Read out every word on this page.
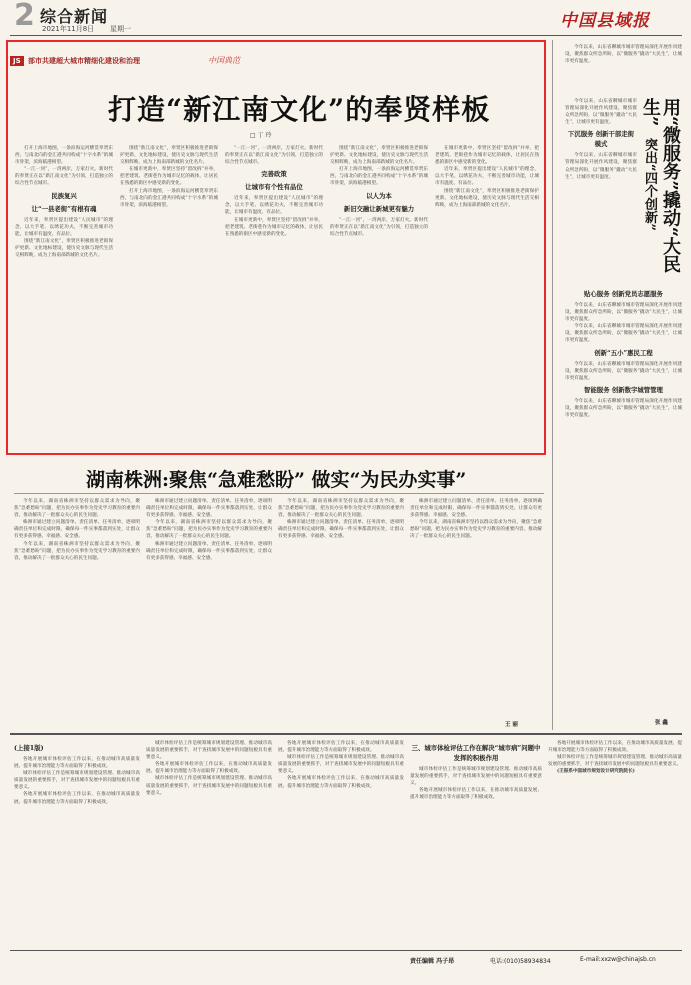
2 综合新闻
2021年11月8日 星期一	中国县域报
JS	部市共建超大城市精细化建设和治理	中国典范
打造“新江南文化”的奉贤样板
□ 丁 玲

打开上海市地图，一条滨海运河横贯奉贤东西，与南北向的金汇港共同构成“十字水系”的城市骨架，滨海临港相望。

“一江一河”，一湾两岸，万家灯火。新时代的奉贤正在以“新江南文化”为引领，打造独立的综合性节点城市。

民族复兴
让“一县老街”有根有魂

近年来，奉贤区提出建设“人民城市”的理念，以大手笔、以绣花功夫，不断完善城市功能，让城市有温度、有品位。

围绕“新江南文化”，奉贤区积极推进老街保护更新、文化地标建设，使历史文脉与现代生活交相辉映，成为上海南部新城的文化名片。

围绕“新江南文化”，奉贤区积极推进老街保护更新、文化地标建设，使历史文脉与现代生活交相辉映，成为上海南部新城的文化名片。

在城市更新中，奉贤区坚持“留改拆”并举，把老建筑、老街巷作为城市记忆的载体，让居民在熟悉的街区中感受新的变化。

打开上海市地图，一条滨海运河横贯奉贤东西，与南北向的金汇港共同构成“十字水系”的城市骨架，滨海临港相望。

“一江一河”，一湾两岸，万家灯火。新时代的奉贤正在以“新江南文化”为引领，打造独立的综合性节点城市。

完善政策
让城市有个性有品位

近年来，奉贤区提出建设“人民城市”的理念，以大手笔、以绣花功夫，不断完善城市功能，让城市有温度、有品位。

在城市更新中，奉贤区坚持“留改拆”并举，把老建筑、老街巷作为城市记忆的载体，让居民在熟悉的街区中感受新的变化。

围绕“新江南文化”，奉贤区积极推进老街保护更新、文化地标建设，使历史文脉与现代生活交相辉映，成为上海南部新城的文化名片。

打开上海市地图，一条滨海运河横贯奉贤东西，与南北向的金汇港共同构成“十字水系”的城市骨架，滨海临港相望。

以人为本
新旧交融让新城更有魅力

“一江一河”，一湾两岸，万家灯火。新时代的奉贤正在以“新江南文化”为引领，打造独立的综合性节点城市。

在城市更新中，奉贤区坚持“留改拆”并举，把老建筑、老街巷作为城市记忆的载体，让居民在熟悉的街区中感受新的变化。

近年来，奉贤区提出建设“人民城市”的理念，以大手笔、以绣花功夫，不断完善城市功能，让城市有温度、有品位。

围绕“新江南文化”，奉贤区积极推进老街保护更新、文化地标建设，使历史文脉与现代生活交相辉映，成为上海南部新城的文化名片。

湖南株洲:聚焦“急难愁盼” 做实“为民办实事”

今年以来，湖南省株洲市坚持以群众需求为导向，聚焦“急难愁盼”问题，把为民办实事作为党史学习教育的重要内容，推动解决了一批群众关心的民生问题。

株洲市通过建立问题清单、责任清单、任务清单，逐项明确责任单位和完成时限，确保每一件实事都落到实处，让群众有更多获得感、幸福感、安全感。

今年以来，湖南省株洲市坚持以群众需求为导向，聚焦“急难愁盼”问题，把为民办实事作为党史学习教育的重要内容，推动解决了一批群众关心的民生问题。

株洲市通过建立问题清单、责任清单、任务清单，逐项明确责任单位和完成时限，确保每一件实事都落到实处，让群众有更多获得感、幸福感、安全感。

今年以来，湖南省株洲市坚持以群众需求为导向，聚焦“急难愁盼”问题，把为民办实事作为党史学习教育的重要内容，推动解决了一批群众关心的民生问题。

株洲市通过建立问题清单、责任清单、任务清单，逐项明确责任单位和完成时限，确保每一件实事都落到实处，让群众有更多获得感、幸福感、安全感。

今年以来，湖南省株洲市坚持以群众需求为导向，聚焦“急难愁盼”问题，把为民办实事作为党史学习教育的重要内容，推动解决了一批群众关心的民生问题。

株洲市通过建立问题清单、责任清单、任务清单，逐项明确责任单位和完成时限，确保每一件实事都落到实处，让群众有更多获得感、幸福感、安全感。

株洲市通过建立问题清单、责任清单、任务清单，逐项明确责任单位和完成时限，确保每一件实事都落到实处，让群众有更多获得感、幸福感、安全感。

今年以来，湖南省株洲市坚持以群众需求为导向，聚焦“急难愁盼”问题，把为民办实事作为党史学习教育的重要内容，推动解决了一批群众关心的民生问题。

王 丽

今年以来，山东省聊城市城市管理局深化开展作风建设，聚焦群众所急所盼，以“微服务”撬动“大民生”，让城市更有温度。

用“微服务”撬动“大民生”
突出“四个创新”

今年以来，山东省聊城市城市管理局深化开展作风建设，聚焦群众所急所盼，以“微服务”撬动“大民生”，让城市更有温度。

下沉服务 创新干部走街模式

今年以来，山东省聊城市城市管理局深化开展作风建设，聚焦群众所急所盼，以“微服务”撬动“大民生”，让城市更有温度。

贴心服务 创新党员志愿服务

今年以来，山东省聊城市城市管理局深化开展作风建设，聚焦群众所急所盼，以“微服务”撬动“大民生”，让城市更有温度。

今年以来，山东省聊城市城市管理局深化开展作风建设，聚焦群众所急所盼，以“微服务”撬动“大民生”，让城市更有温度。

创新“五小”惠民工程

今年以来，山东省聊城市城市管理局深化开展作风建设，聚焦群众所急所盼，以“微服务”撬动“大民生”，让城市更有温度。

智能服务 创新数字城管管理

今年以来，山东省聊城市城市管理局深化开展作风建设，聚焦群众所急所盼，以“微服务”撬动“大民生”，让城市更有温度。

张 鑫
(上接1版)

各地开展城市体检评估工作以来，在推动城市高质量发展、提升城市治理能力等方面取得了积极成效。

城市体检评估工作是统筹城市规划建设管理、推动城市高质量发展的重要抓手，对于查找城市发展中的问题短板具有重要意义。

各地开展城市体检评估工作以来，在推动城市高质量发展、提升城市治理能力等方面取得了积极成效。

城市体检评估工作是统筹城市规划建设管理、推动城市高质量发展的重要抓手，对于查找城市发展中的问题短板具有重要意义。

各地开展城市体检评估工作以来，在推动城市高质量发展、提升城市治理能力等方面取得了积极成效。

城市体检评估工作是统筹城市规划建设管理、推动城市高质量发展的重要抓手，对于查找城市发展中的问题短板具有重要意义。

各地开展城市体检评估工作以来，在推动城市高质量发展、提升城市治理能力等方面取得了积极成效。

城市体检评估工作是统筹城市规划建设管理、推动城市高质量发展的重要抓手，对于查找城市发展中的问题短板具有重要意义。

各地开展城市体检评估工作以来，在推动城市高质量发展、提升城市治理能力等方面取得了积极成效。

三、城市体检评估工作在解决“城市病”问题中发挥的积极作用

城市体检评估工作是统筹城市规划建设管理、推动城市高质量发展的重要抓手，对于查找城市发展中的问题短板具有重要意义。

各地开展城市体检评估工作以来，在推动城市高质量发展、提升城市治理能力等方面取得了积极成效。

各地开展城市体检评估工作以来，在推动城市高质量发展、提升城市治理能力等方面取得了积极成效。

城市体检评估工作是统筹城市规划建设管理、推动城市高质量发展的重要抓手，对于查找城市发展中的问题短板具有重要意义。

(王振系中国城市规划设计研究院院长)

责任编辑 冯子昂	电话:(010)58934834	E-mail:xxzw@chinajsb.cn
